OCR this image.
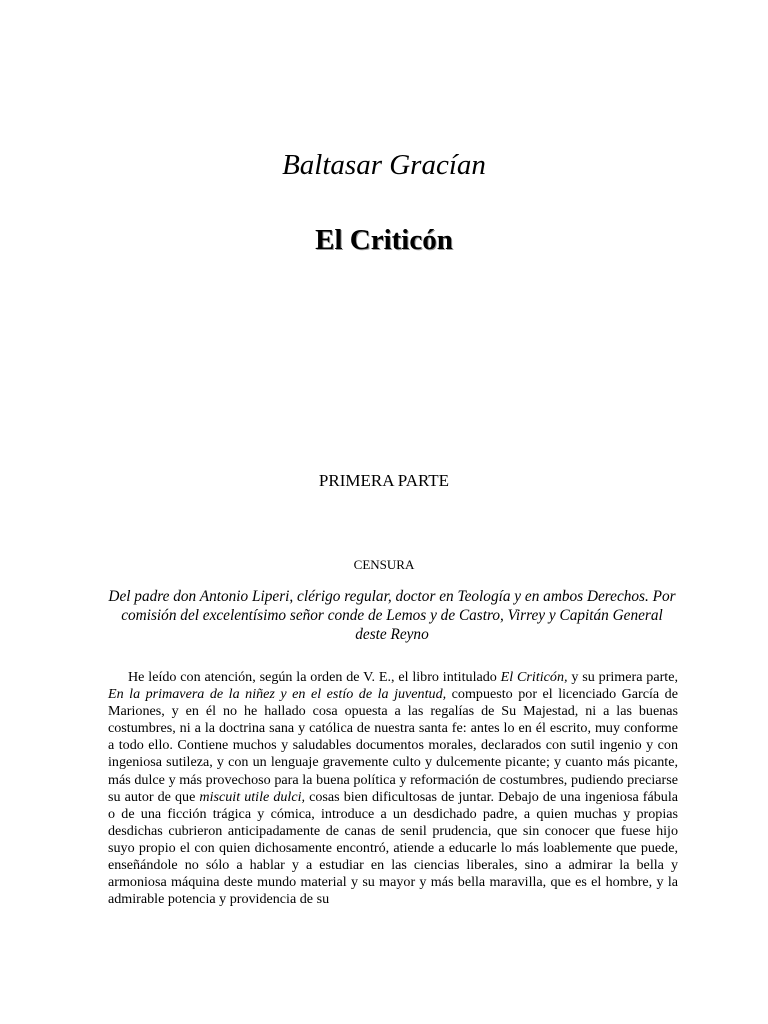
Baltasar Gracían
El Criticón
PRIMERA PARTE
CENSURA

Del padre don Antonio Liperi, clérigo regular, doctor en Teología y en ambos Derechos. Por comisión del excelentísimo señor conde de Lemos y de Castro, Virrey y Capitán General deste Reyno

He leído con atención, según la orden de V. E., el libro intitulado El Criticón, y su primera parte, En la primavera de la niñez y en el estío de la juventud, compuesto por el licenciado García de Mariones, y en él no he hallado cosa opuesta a las regalías de Su Majestad, ni a las buenas costumbres, ni a la doctrina sana y católica de nuestra santa fe: antes lo en él escrito, muy conforme a todo ello. Contiene muchos y saludables documentos morales, declarados con sutil ingenio y con ingeniosa sutileza, y con un lenguaje gravemente culto y dulcemente picante; y cuanto más picante, más dulce y más provechoso para la buena política y reformación de costumbres, pudiendo preciarse su autor de que miscuit utile dulci, cosas bien dificultosas de juntar. Debajo de una ingeniosa fábula o de una ficción trágica y cómica, introduce a un desdichado padre, a quien muchas y propias desdichas cubrieron anticipadamente de canas de senil prudencia, que sin conocer que fuese hijo suyo propio el con quien dichosamente encontró, atiende a educarle lo más loablemente que puede, enseñándole no sólo a hablar y a estudiar en las ciencias liberales, sino a admirar la bella y armoniosa máquina deste mundo material y su mayor y más bella maravilla, que es el hombre, y la admirable potencia y providencia de su
